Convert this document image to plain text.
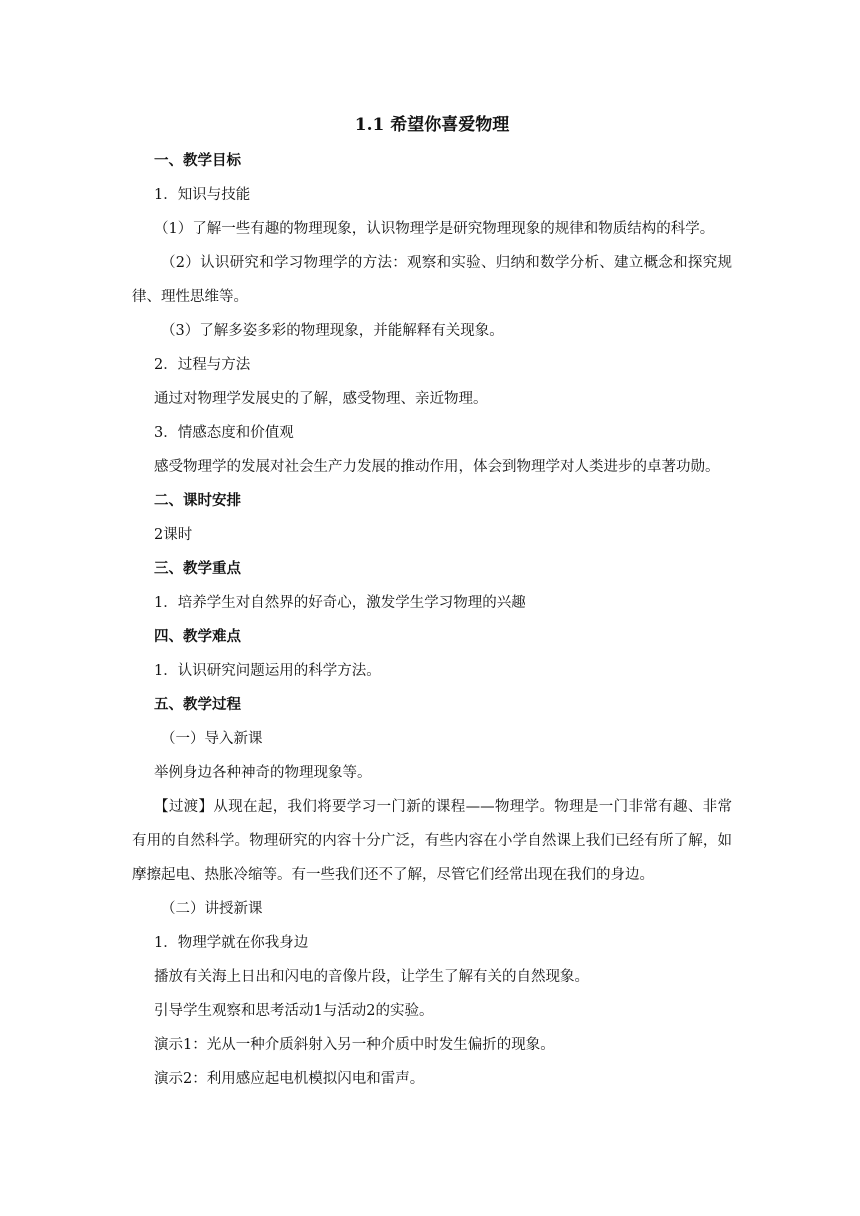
1.1 希望你喜爱物理
一、教学目标
1．知识与技能
（1）了解一些有趣的物理现象，认识物理学是研究物理现象的规律和物质结构的科学。
（2）认识研究和学习物理学的方法：观察和实验、归纳和数学分析、建立概念和探究规律、理性思维等。
（3）了解多姿多彩的物理现象，并能解释有关现象。
2．过程与方法
通过对物理学发展史的了解，感受物理、亲近物理。
3．情感态度和价值观
感受物理学的发展对社会生产力发展的推动作用，体会到物理学对人类进步的卓著功勋。
二、课时安排
2课时
三、教学重点
1．培养学生对自然界的好奇心，激发学生学习物理的兴趣
四、教学难点
1．认识研究问题运用的科学方法。
五、教学过程
（一）导入新课
举例身边各种神奇的物理现象等。
【过渡】从现在起，我们将要学习一门新的课程——物理学。物理是一门非常有趣、非常有用的自然科学。物理研究的内容十分广泛，有些内容在小学自然课上我们已经有所了解，如摩擦起电、热胀冷缩等。有一些我们还不了解，尽管它们经常出现在我们的身边。
（二）讲授新课
1．物理学就在你我身边
播放有关海上日出和闪电的音像片段，让学生了解有关的自然现象。
引导学生观察和思考活动1与活动2的实验。
演示1：光从一种介质斜射入另一种介质中时发生偏折的现象。
演示2：利用感应起电机模拟闪电和雷声。
